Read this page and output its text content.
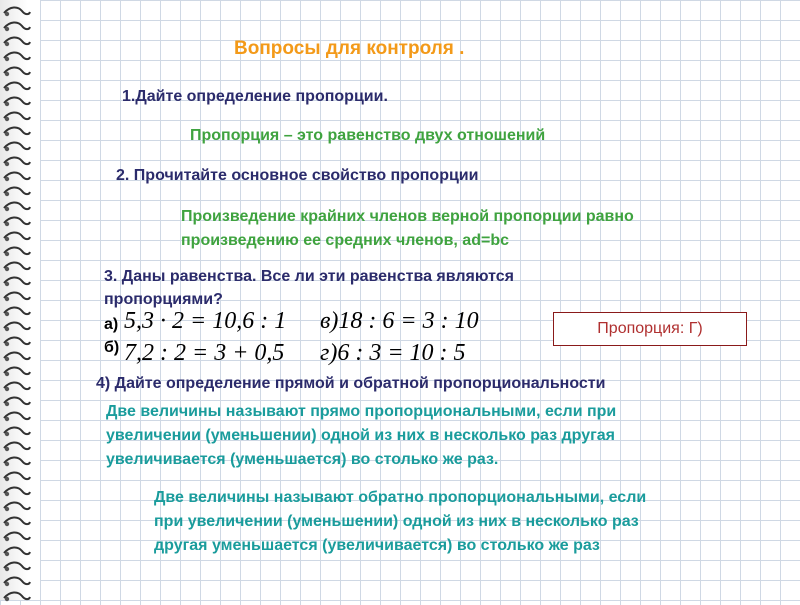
Вопросы для контроля .

1.Дайте определение пропорции.

Пропорция – это равенство двух отношений

2. Прочитайте основное свойство пропорции

Произведение крайних членов верной пропорции равно

произведению ее средних членов, ad=bc

3. Даны равенства. Все ли эти равенства являются

пропорциями?

а)

б)

5,3 · 2 = 10,6 : 1
7,2 : 2 = 3 + 0,5
в)18 : 6 = 3 : 10
г)6 : 3 = 10 : 5
Пропорция: Г)

4) Дайте определение прямой и обратной пропорциональности

Две величины называют прямо пропорциональными, если при

увеличении (уменьшении) одной из них в несколько раз другая

увеличивается (уменьшается) во столько же раз.

Две величины называют обратно пропорциональными, если

при увеличении (уменьшении) одной из них в несколько раз

другая уменьшается (увеличивается) во столько же раз
